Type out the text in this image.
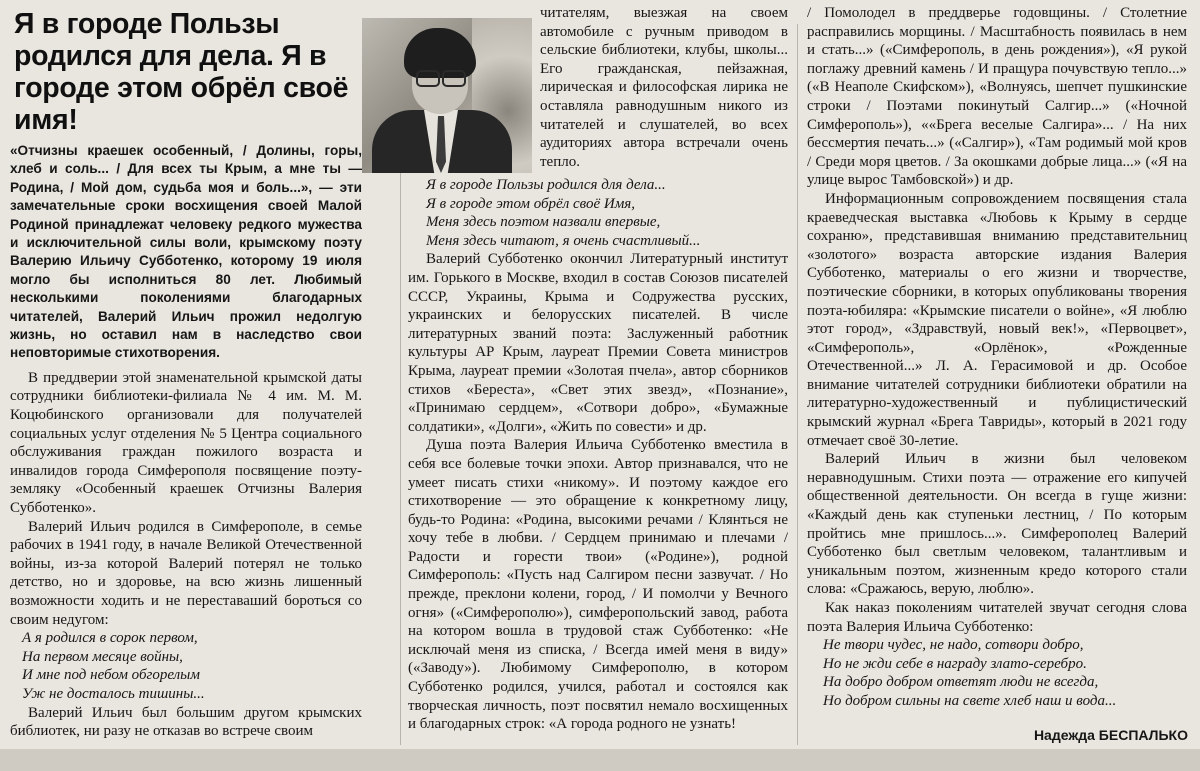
Я в городе Пользы родился для дела. Я в городе этом обрёл своё имя!

«Отчизны краешек особенный, / Долины, горы, хлеб и соль... / Для всех ты Крым, а мне ты — Родина, / Мой дом, судьба моя и боль...», — эти замечательные сроки восхищения своей Малой Родиной принадлежат человеку редкого мужества и исключительной силы воли, крымскому поэту Валерию Ильичу Субботенко, которому 19 июля могло бы исполниться 80 лет. Любимый несколькими поколениями благодарных читателей, Валерий Ильич прожил недолгую жизнь, но оставил нам в наследство свои неповторимые стихотворения.

В преддверии этой знаменательной крымской даты сотрудники библиотеки-филиала № 4 им. М. М. Коцюбинского организовали для получателей социальных услуг отделения № 5 Центра социального обслуживания граждан пожилого возраста и инвалидов города Симферополя посвящение поэту-земляку «Особенный краешек Отчизны Валерия Субботенко».

Валерий Ильич родился в Симферополе, в семье рабочих в 1941 году, в начале Великой Отечественной войны, из-за которой Валерий потерял не только детство, но и здоровье, на всю жизнь лишенный возможности ходить и не переставаший бороться со своим недугом:

А я родился в сорок первом,
На первом месяце войны,
И мне под небом обгорелым
Уж не досталось тишины...

Валерий Ильич был большим другом крымских библиотек, ни разу не отказав во встрече своим

читателям, выезжая на своем автомобиле с ручным приводом в сельские библиотеки, клубы, школы... Его гражданская, пейзажная, лирическая и философская лирика не оставляла равнодушным никого из читателей и слушателей, во всех аудиториях автора встречали очень тепло.

Я в городе Пользы родился для дела...
Я в городе этом обрёл своё Имя,
Меня здесь поэтом назвали впервые,
Меня здесь читают, я очень счастливый...

Валерий Субботенко окончил Литературный институт им. Горького в Москве, входил в состав Союзов писателей СССР, Украины, Крыма и Содружества русских, украинских и белорусских писателей. В числе литературных званий поэта: Заслуженный работник культуры АР Крым, лауреат Премии Совета министров Крыма, лауреат премии «Золотая пчела», автор сборников стихов «Береста», «Свет этих звезд», «Познание», «Принимаю сердцем», «Сотвори добро», «Бумажные солдатики», «Долги», «Жить по совести» и др.

Душа поэта Валерия Ильича Субботенко вместила в себя все болевые точки эпохи. Автор признавался, что не умеет писать стихи «никому». И поэтому каждое его стихотворение — это обращение к конкретному лицу, будь-то Родина: «Родина, высокими речами / Клянться не хочу тебе в любви. / Сердцем принимаю и плечами / Радости и горести твои» («Родине»), родной Симферополь: «Пусть над Салгиром песни зазвучат. / Но прежде, преклони колени, город, / И помолчи у Вечного огня» («Симферополю»), симферопольский завод, работа на котором вошла в трудовой стаж Субботенко: «Не исключай меня из списка, / Всегда имей меня в виду» («Заводу»). Любимому Симферополю, в котором Субботенко родился, учился, работал и состоялся как творческая личность, поэт посвятил немало восхищенных и благодарных строк: «А города родного не узнать!

/ Помолодел в преддверье годовщины. / Столетние расправились морщины. / Масштабность появилась в нем и стать...» («Симферополь, в день рождения»), «Я рукой поглажу древний камень / И пращура почувствую тепло...» («В Неаполе Скифском»), «Волнуясь, шепчет пушкинские строки / Поэтами покинутый Салгир...» («Ночной Симферополь»), ««Брега веселые Салгира»... / На них бессмертия печать...» («Салгир»), «Там родимый мой кров / Среди моря цветов. / За окошками добрые лица...» («Я на улице вырос Тамбовской») и др.

Информационным сопровождением посвящения стала краеведческая выставка «Любовь к Крыму в сердце сохраню», представившая вниманию представительниц «золотого» возраста авторские издания Валерия Субботенко, материалы о его жизни и творчестве, поэтические сборники, в которых опубликованы творения поэта-юбиляра: «Крымские писатели о войне», «Я люблю этот город», «Здравствуй, новый век!», «Первоцвет», «Симферополь», «Орлёнок», «Рожденные Отечественной...» Л. А. Герасимовой и др. Особое внимание читателей сотрудники библиотеки обратили на литературно-художественный и публицистический крымский журнал «Брега Тавриды», который в 2021 году отмечает своё 30-летие.

Валерий Ильич в жизни был человеком неравнодушным. Стихи поэта — отражение его кипучей общественной деятельности. Он всегда в гуще жизни: «Каждый день как ступеньки лестниц, / По которым пройтись мне пришлось...». Симферополец Валерий Субботенко был светлым человеком, талантливым и уникальным поэтом, жизненным кредо которого стали слова: «Сражаюсь, верую, люблю».

Как наказ поколениям читателей звучат сегодня слова поэта Валерия Ильича Субботенко:

Не твори чудес, не надо, сотвори добро,
Но не жди себе в награду злато-серебро.
На добро добром ответят люди не всегда,
Но добром сильны на свете хлеб наш и вода...
Надежда БЕСПАЛЬКО
